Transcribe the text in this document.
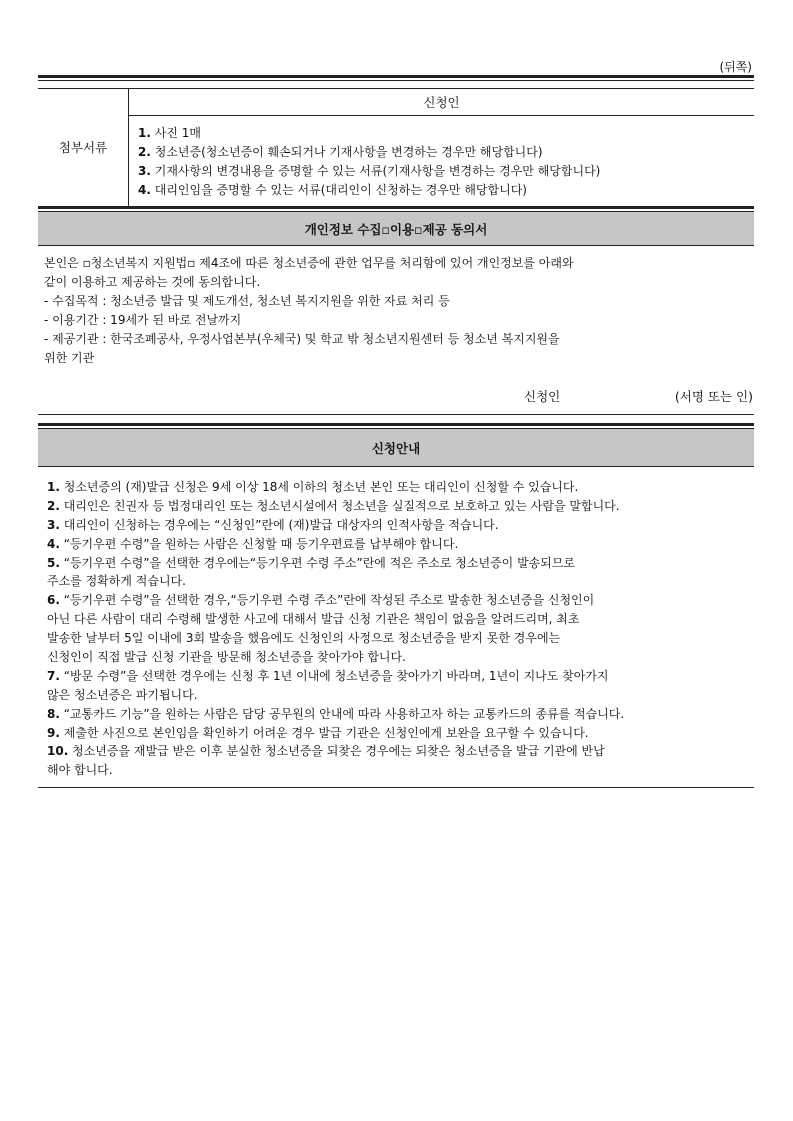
(뒤쪽)
첨부서류
신청인
1. 사진 1매
2. 청소년증(청소년증이 훼손되거나 기재사항을 변경하는 경우만 해당합니다)
3. 기재사항의 변경내용을 증명할 수 있는 서류(기재사항을 변경하는 경우만 해당합니다)
4. 대리인임을 증명할 수 있는 서류(대리인이 신청하는 경우만 해당합니다)
개인정보 수집▫이용▫제공 동의서
본인은 ▫청소년복지 지원법▫ 제4조에 따른 청소년증에 관한 업무를 처리함에 있어 개인정보를 아래와
같이 이용하고 제공하는 것에 동의합니다.
- 수집목적 : 청소년증 발급 및 제도개선, 청소년 복지지원을 위한 자료 처리 등
- 이용기간 : 19세가 된 바로 전날까지
- 제공기관 : 한국조폐공사, 우정사업본부(우체국) 및 학교 밖 청소년지원센터 등 청소년 복지지원을
위한 기관
신청인	(서명 또는 인)
신청안내
1. 청소년증의 (재)발급 신청은 9세 이상 18세 이하의 청소년 본인 또는 대리인이 신청할 수 있습니다.
2. 대리인은 친권자 등 법정대리인 또는 청소년시설에서 청소년을 실질적으로 보호하고 있는 사람을 말합니다.
3. 대리인이 신청하는 경우에는 “신청인”란에 (재)발급 대상자의 인적사항을 적습니다.
4. “등기우편 수령”을 원하는 사람은 신청할 때 등기우편료를 납부해야 합니다.
5. “등기우편 수령”을 선택한 경우에는“등기우편 수령 주소”란에 적은 주소로 청소년증이 발송되므로
주소를 정확하게 적습니다.
6. “등기우편 수령”을 선택한 경우,“등기우편 수령 주소”란에 작성된 주소로 발송한 청소년증을 신청인이
아닌 다른 사람이 대리 수령해 발생한 사고에 대해서 발급 신청 기관은 책임이 없음을 알려드리며, 최초
발송한 날부터 5일 이내에 3회 발송을 했음에도 신청인의 사정으로 청소년증을 받지 못한 경우에는
신청인이 직접 발급 신청 기관을 방문해 청소년증을 찾아가야 합니다.
7. “방문 수령”을 선택한 경우에는 신청 후 1년 이내에 청소년증을 찾아가기 바라며, 1년이 지나도 찾아가지
않은 청소년증은 파기됩니다.
8. “교통카드 기능”을 원하는 사람은 담당 공무원의 안내에 따라 사용하고자 하는 교통카드의 종류를 적습니다.
9. 제출한 사진으로 본인임을 확인하기 어려운 경우 발급 기관은 신청인에게 보완을 요구할 수 있습니다.
10. 청소년증을 재발급 받은 이후 분실한 청소년증을 되찾은 경우에는 되찾은 청소년증을 발급 기관에 반납
해야 합니다.
